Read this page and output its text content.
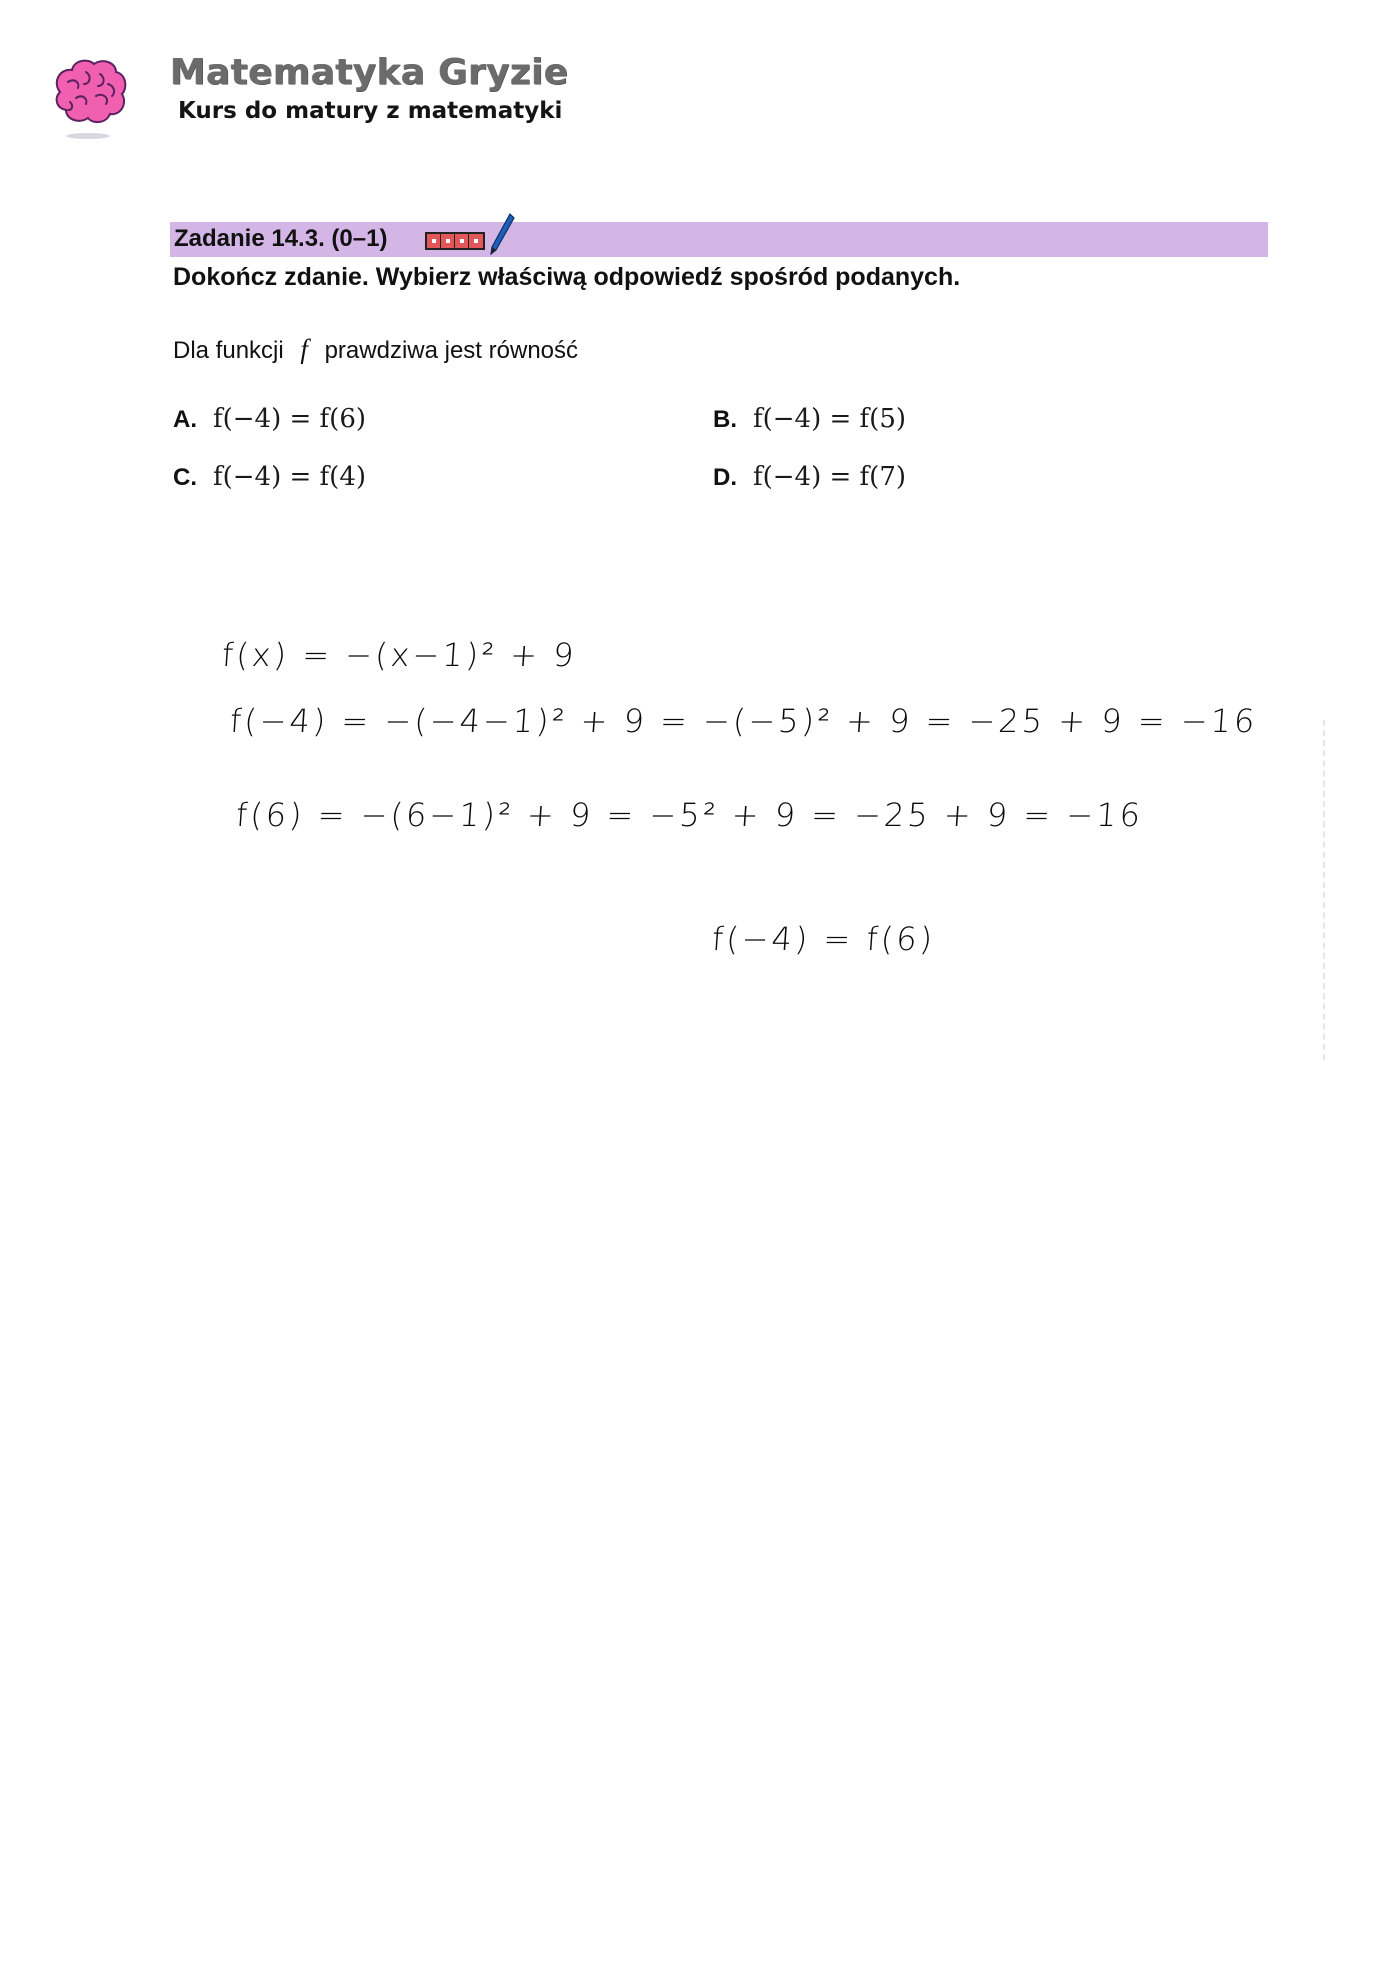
Matematyka Gryzie
Kurs do matury z matematyki
Zadanie 14.3. (0–1)
Dokończ zdanie. Wybierz właściwą odpowiedź spośród podanych.
Dla funkcji f prawdziwa jest równość
A. f(−4) = f(6)	B. f(−4) = f(5)
C. f(−4) = f(4)	D. f(−4) = f(7)
f(x) = −(x−1)² + 9
f(−4) = −(−4−1)² + 9 = −(−5)² + 9 = −25 + 9 = −16
f(6) = −(6−1)² + 9 = −5² + 9 = −25 + 9 = −16
f(−4) = f(6)
